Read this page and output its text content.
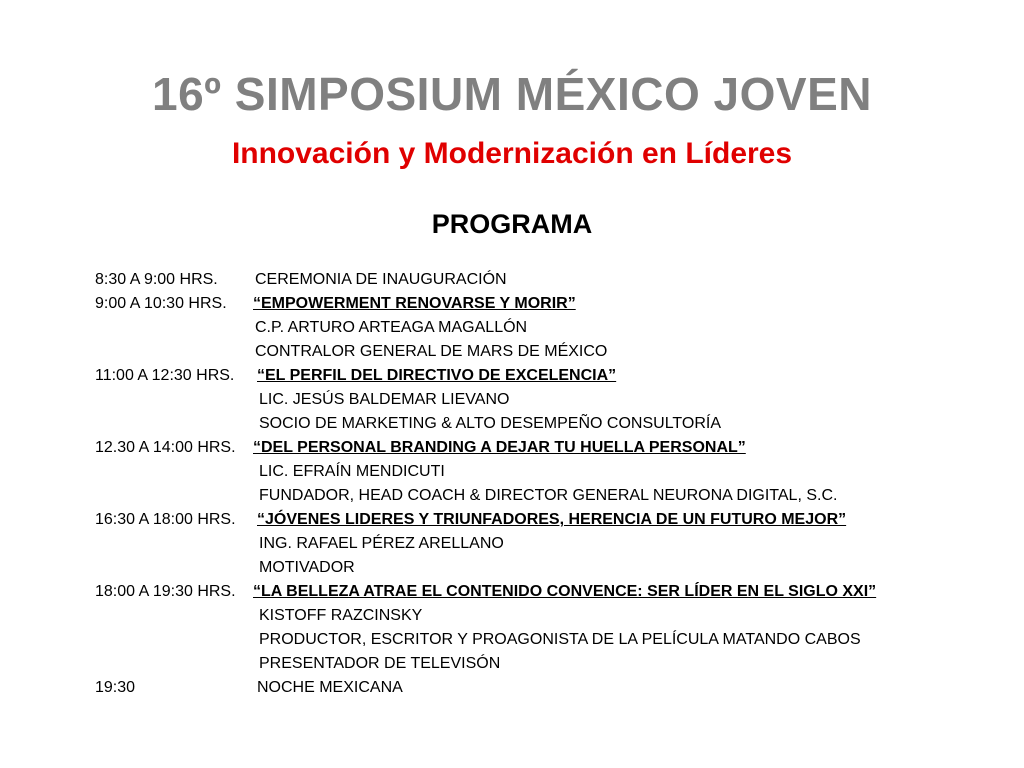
16º SIMPOSIUM MÉXICO JOVEN
Innovación y Modernización en Líderes
PROGRAMA
8:30 A 9:00 HRS. CEREMONIA DE INAUGURACIÓN
9:00 A 10:30 HRS. “EMPOWERMENT RENOVARSE Y MORIR”
C.P. ARTURO ARTEAGA MAGALLÓN
CONTRALOR GENERAL DE MARS DE MÉXICO
11:00 A 12:30 HRS. “EL PERFIL DEL DIRECTIVO DE EXCELENCIA”
LIC. JESÚS BALDEMAR LIEVANO
SOCIO DE MARKETING & ALTO DESEMPEÑO CONSULTORÍA
12.30 A 14:00 HRS. “DEL PERSONAL BRANDING A DEJAR TU HUELLA PERSONAL”
LIC. EFRAÍN MENDICUTI
FUNDADOR, HEAD COACH & DIRECTOR GENERAL NEURONA DIGITAL, S.C.
16:30 A 18:00 HRS. “JÓVENES LIDERES Y TRIUNFADORES, HERENCIA DE UN FUTURO MEJOR”
ING. RAFAEL PÉREZ ARELLANO
MOTIVADOR
18:00 A 19:30 HRS. “LA BELLEZA ATRAE EL CONTENIDO CONVENCE: SER LÍDER EN EL SIGLO XXI”
KISTOFF RAZCINSKY
PRODUCTOR, ESCRITOR Y PROAGONISTA DE LA PELÍCULA MATANDO CABOS
PRESENTADOR DE TELEVISÓN
19:30	NOCHE MEXICANA
